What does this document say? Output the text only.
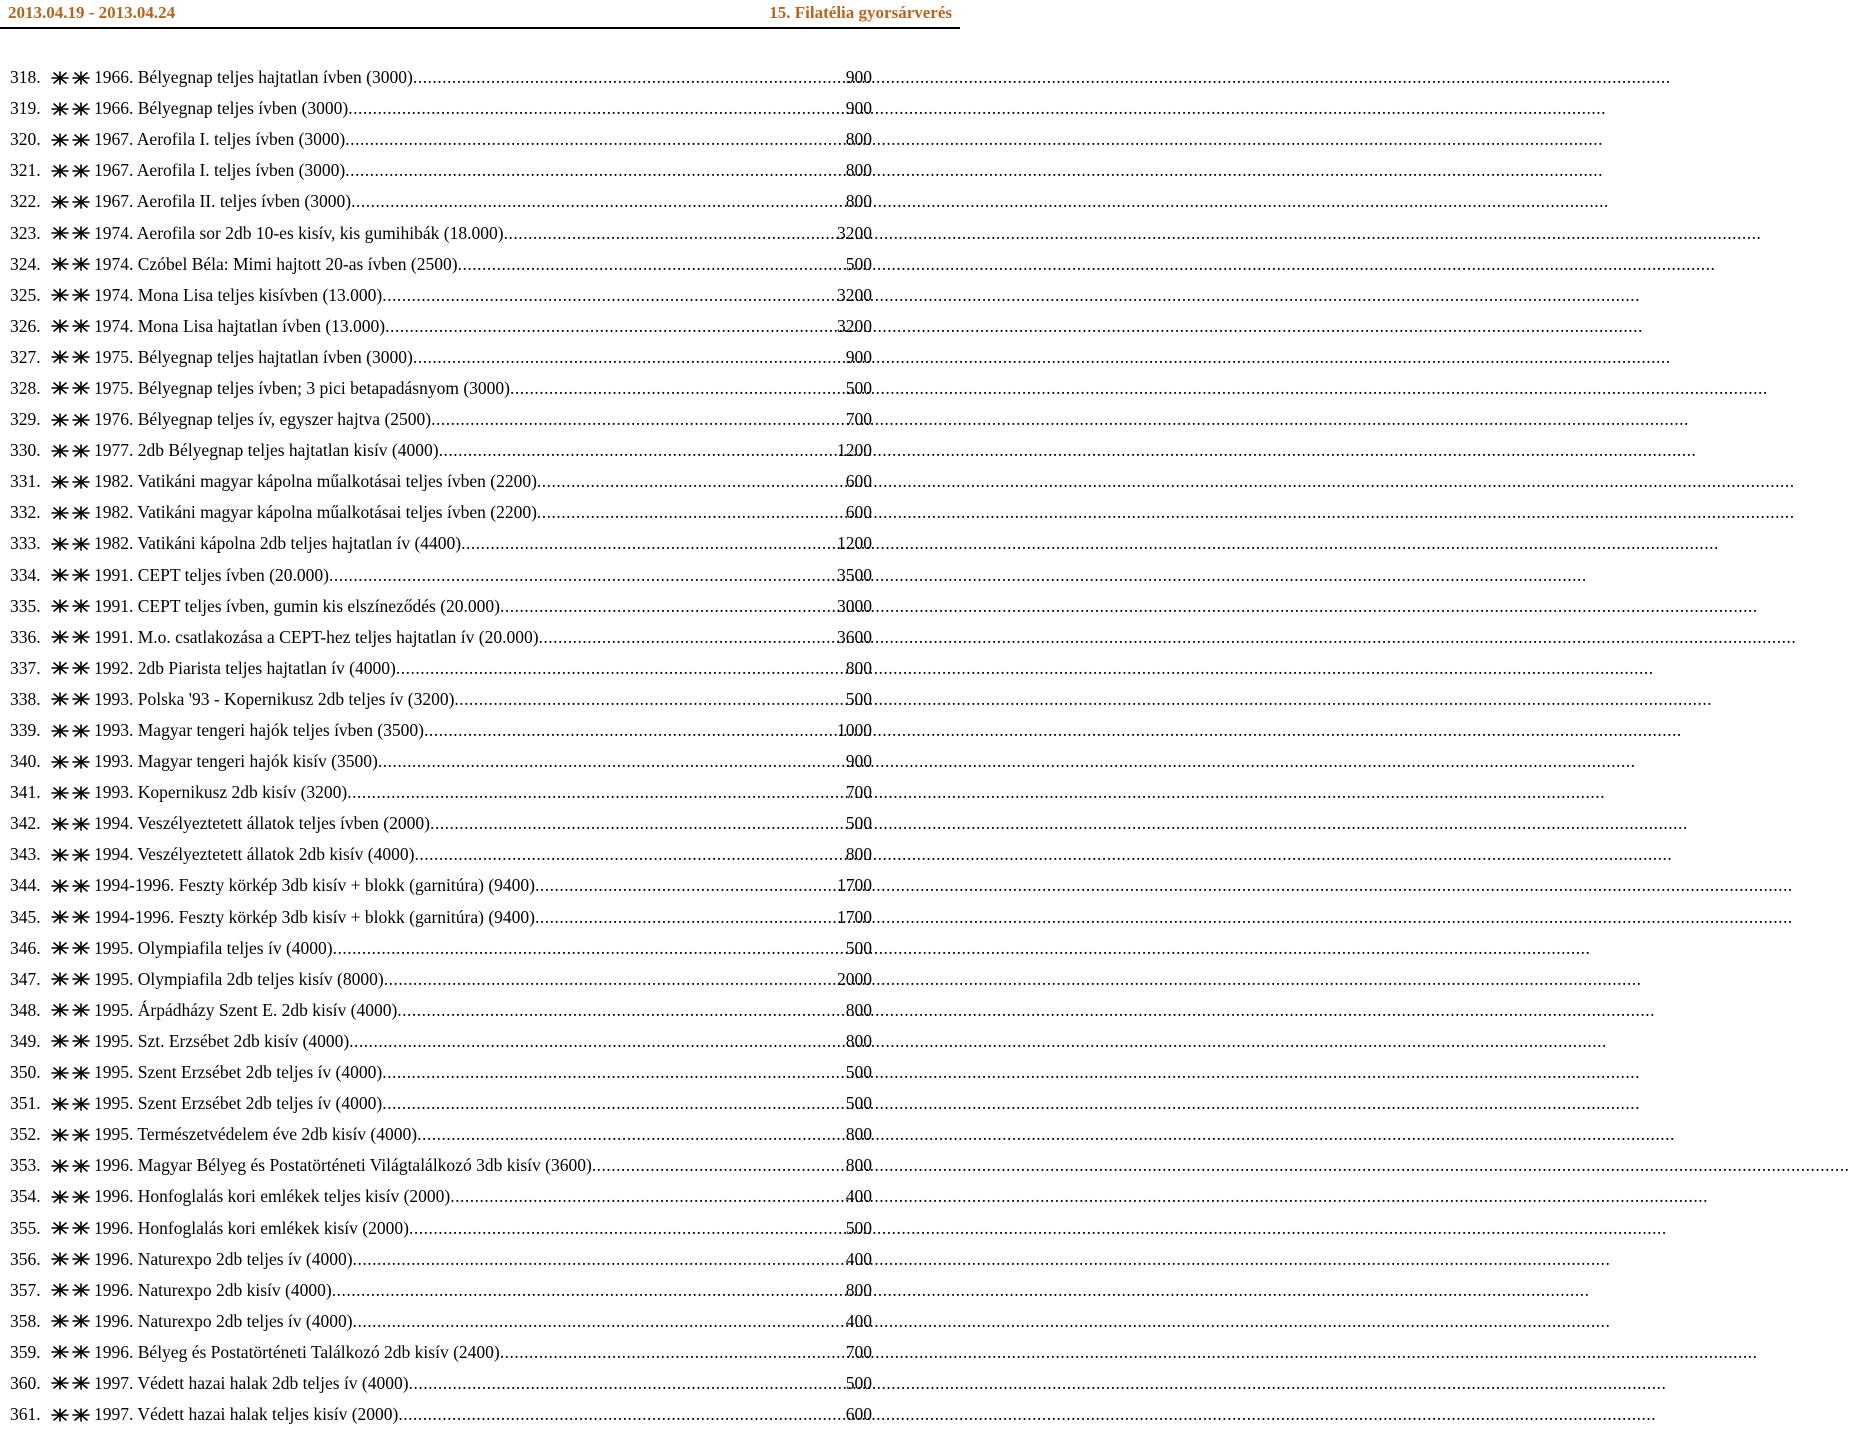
2013.04.19 - 2013.04.24	15. Filatélia gyorsárverés
318.	1966. Bélyegnap teljes hajtatlan ívben (3000) .....	900
319.	1966. Bélyegnap teljes ívben (3000) .....	900
320.	1967. Aerofila I. teljes ívben (3000) .....	800
321.	1967. Aerofila I. teljes ívben (3000) .....	800
322.	1967. Aerofila II. teljes ívben (3000) .....	800
323.	1974. Aerofila sor 2db 10-es kisív, kis gumihibák (18.000) .....	3200
324.	1974. Czóbel Béla: Mimi hajtott 20-as ívben (2500) .....	500
325.	1974. Mona Lisa teljes kisívben (13.000) .....	3200
326.	1974. Mona Lisa hajtatlan ívben (13.000) .....	3200
327.	1975. Bélyegnap teljes hajtatlan ívben (3000) .....	900
328.	1975. Bélyegnap teljes ívben; 3 pici betapadásnyom (3000) .....	500
329.	1976. Bélyegnap teljes ív, egyszer hajtva (2500) .....	700
330.	1977. 2db Bélyegnap teljes hajtatlan kisív (4000) .....	1200
331.	1982. Vatikáni magyar kápolna műalkotásai teljes ívben (2200) .....	600
332.	1982. Vatikáni magyar kápolna műalkotásai teljes ívben (2200) .....	600
333.	1982. Vatikáni kápolna 2db teljes hajtatlan ív (4400) .....	1200
334.	1991. CEPT teljes ívben (20.000) .....	3500
335.	1991. CEPT teljes ívben, gumin kis elszíneződés (20.000) .....	3000
336.	1991. M.o. csatlakozása a CEPT-hez teljes hajtatlan ív (20.000) .....	3600
337.	1992. 2db Piarista teljes hajtatlan ív (4000) .....	800
338.	1993. Polska '93 - Kopernikusz 2db teljes ív (3200) .....	500
339.	1993. Magyar tengeri hajók teljes ívben (3500) .....	1000
340.	1993. Magyar tengeri hajók kisív (3500) .....	900
341.	1993. Kopernikusz 2db kisív (3200) .....	700
342.	1994. Veszélyeztetett állatok teljes ívben (2000) .....	500
343.	1994. Veszélyeztetett állatok 2db kisív (4000) .....	800
344.	1994-1996. Feszty körkép 3db kisív + blokk (garnitúra) (9400) .....	1700
345.	1994-1996. Feszty körkép 3db kisív + blokk (garnitúra) (9400) .....	1700
346.	1995. Olympiafila teljes ív (4000) .....	500
347.	1995. Olympiafila 2db teljes kisív (8000) .....	2000
348.	1995. Árpádházy Szent E. 2db kisív (4000) .....	800
349.	1995. Szt. Erzsébet 2db kisív (4000) .....	800
350.	1995. Szent Erzsébet 2db teljes ív (4000) .....	500
351.	1995. Szent Erzsébet 2db teljes ív (4000) .....	500
352.	1995. Természetvédelem éve 2db kisív (4000) .....	800
353.	1996. Magyar Bélyeg és Postatörténeti Világtalálkozó 3db kisív (3600) .....	800
354.	1996. Honfoglalás kori emlékek teljes kisív (2000) .....	400
355.	1996. Honfoglalás kori emlékek kisív (2000) .....	500
356.	1996. Naturexpo 2db teljes ív (4000) .....	400
357.	1996. Naturexpo 2db kisív (4000) .....	800
358.	1996. Naturexpo 2db teljes ív (4000) .....	400
359.	1996. Bélyeg és Postatörténeti Találkozó 2db kisív (2400) .....	700
360.	1997. Védett hazai halak 2db teljes ív (4000) .....	500
361.	1997. Védett hazai halak teljes kisív (2000) .....	600
